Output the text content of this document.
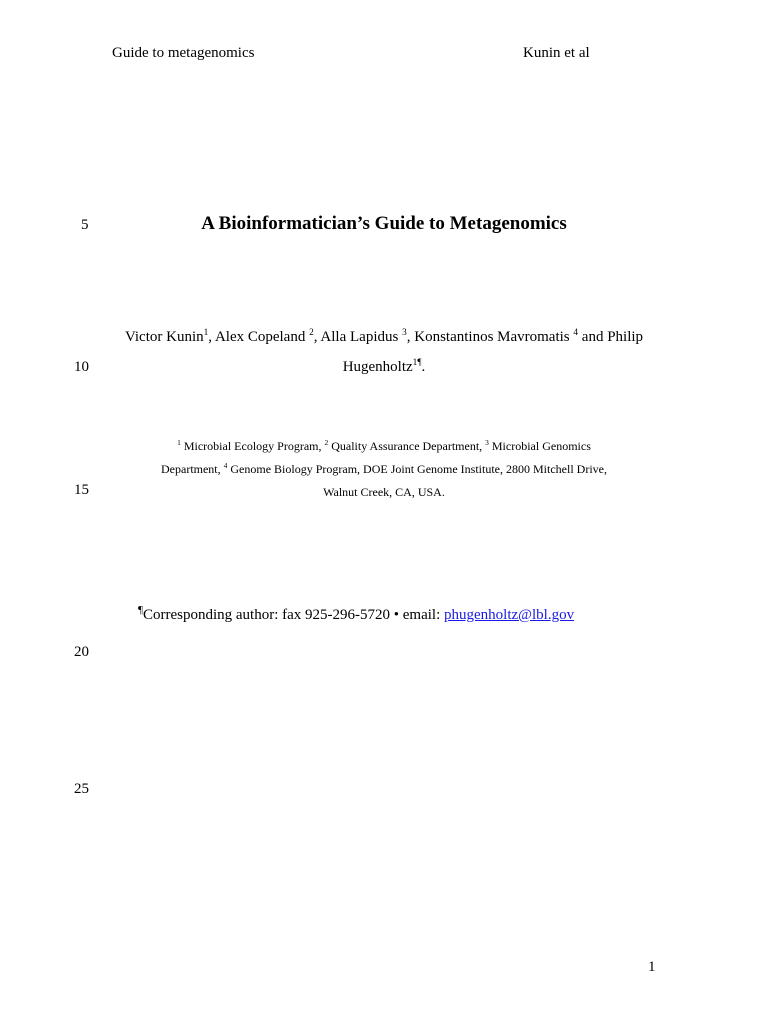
Guide to metagenomics	Kunin et al
5
10
15
20
25
A Bioinformatician’s Guide to Metagenomics
Victor Kunin$^1$, Alex Copeland $^2$, Alla Lapidus $^3$, Konstantinos Mavromatis $^4$ and Philip
Hugenholtz$^{1\P}$.
$^1$ Microbial Ecology Program, $^2$ Quality Assurance Department, $^3$ Microbial Genomics
Department, $^4$ Genome Biology Program, DOE Joint Genome Institute, 2800 Mitchell Drive,
Walnut Creek, CA, USA.
¶Corresponding author: fax 925-296-5720 • email: phugenholtz@lbl.gov
1
